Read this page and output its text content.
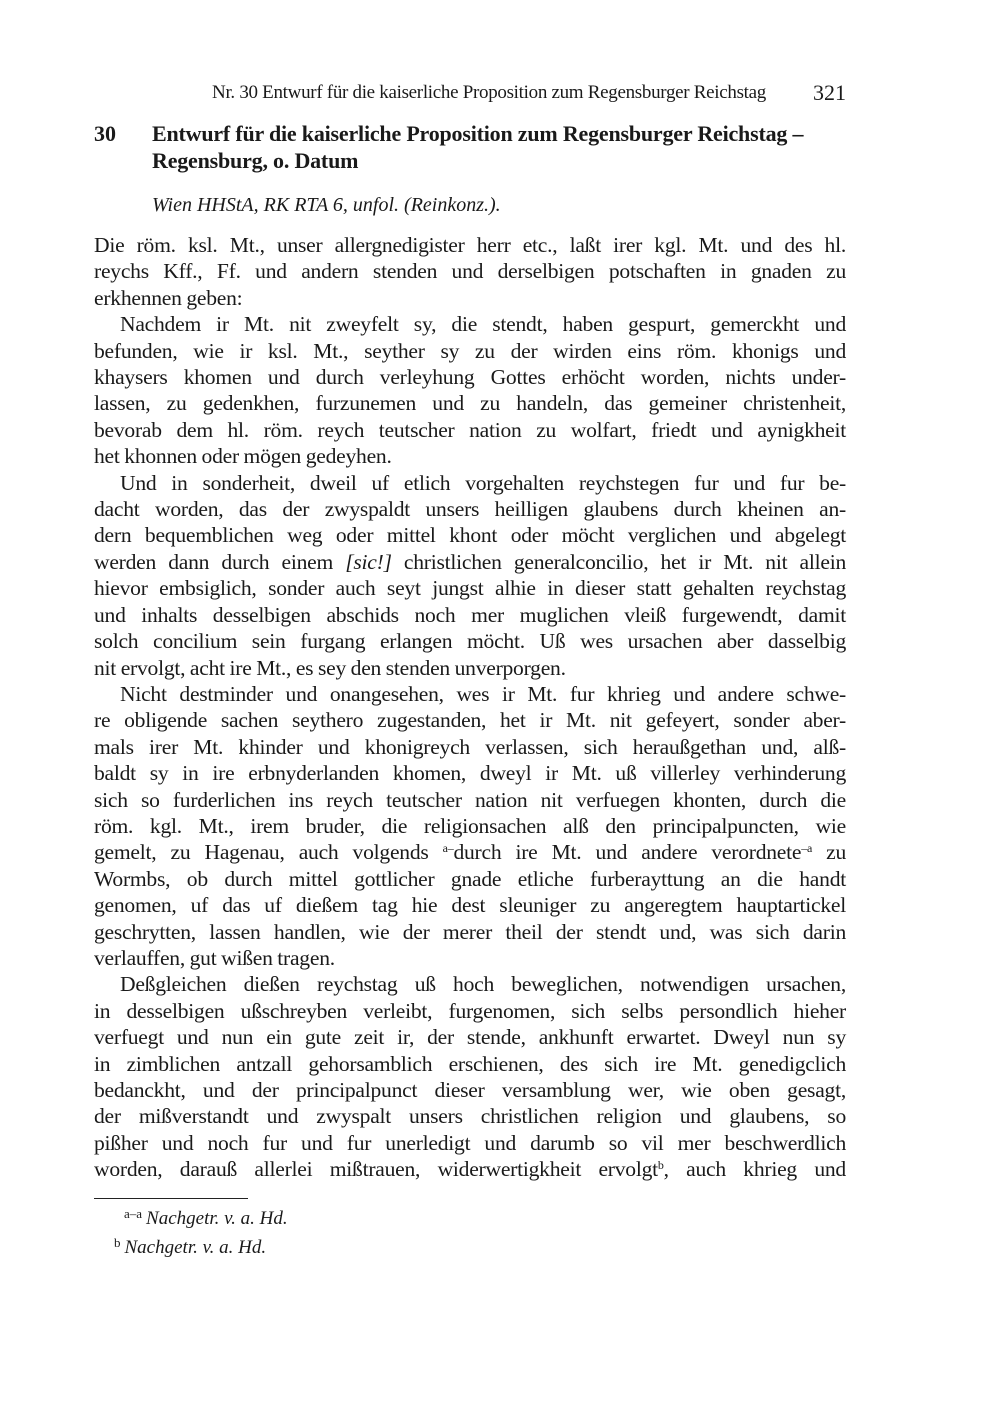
Nr. 30 Entwurf für die kaiserliche Proposition zum Regensburger Reichstag 321
30 Entwurf für die kaiserliche Proposition zum Regensburger Reichstag –
Regensburg, o. Datum
Wien HHStA, RK RTA 6, unfol. (Reinkonz.).

Die röm. ksl. Mt., unser allergnedigister herr etc., laßt irer kgl. Mt. und des hl.
reychs Kff., Ff. und andern stenden und derselbigen potschaften in gnaden zu
erkhennen geben:

Nachdem ir Mt. nit zweyfelt sy, die stendt, haben gespurt, gemerckht und
befunden, wie ir ksl. Mt., seyther sy zu der wirden eins röm. khonigs und
khaysers khomen und durch verleyhung Gottes erhöcht worden, nichts under-
lassen, zu gedenkhen, furzunemen und zu handeln, das gemeiner christenheit,
bevorab dem hl. röm. reych teutscher nation zu wolfart, friedt und aynigkheit
het khonnen oder mögen gedeyhen.

Und in sonderheit, dweil uf etlich vorgehalten reychstegen fur und fur be-
dacht worden, das der zwyspaldt unsers heilligen glaubens durch kheinen an-
dern bequemblichen weg oder mittel khont oder möcht verglichen und abgelegt
werden dann durch einem [sic!] christlichen generalconcilio, het ir Mt. nit allein
hievor embsiglich, sonder auch seyt jungst alhie in dieser statt gehalten reychstag
und inhalts desselbigen abschids noch mer muglichen vleiß furgewendt, damit
solch concilium sein furgang erlangen möcht. Uß wes ursachen aber dasselbig
nit ervolgt, acht ire Mt., es sey den stenden unverporgen.

Nicht destminder und onangesehen, wes ir Mt. fur khrieg und andere schwe-
re obligende sachen seythero zugestanden, het ir Mt. nit gefeyert, sonder aber-
mals irer Mt. khinder und khonigreych verlassen, sich heraußgethan und, alß-
baldt sy in ire erbnyderlanden khomen, dweyl ir Mt. uß villerley verhinderung
sich so furderlichen ins reych teutscher nation nit verfuegen khonten, durch die
röm. kgl. Mt., irem bruder, die religionsachen alß den principalpuncten, wie
gemelt, zu Hagenau, auch volgends $^{a-}$durch ire Mt. und andere verordnete$^{-a}$ zu
Wormbs, ob durch mittel gottlicher gnade etliche furberayttung an die handt
genomen, uf das uf dießem tag hie dest sleuniger zu angeregtem hauptartickel
geschrytten, lassen handlen, wie der merer theil der stendt und, was sich darin
verlauffen, gut wißen tragen.

Deßgleichen dießen reychstag uß hoch beweglichen, notwendigen ursachen,
in desselbigen ußschreyben verleibt, furgenomen, sich selbs persondlich hieher
verfuegt und nun ein gute zeit ir, der stende, ankhunft erwartet. Dweyl nun sy
in zimblichen antzall gehorsamblich erschienen, des sich ire Mt. genedigclich
bedanckht, und der principalpunct dieser versamblung wer, wie oben gesagt,
der mißverstandt und zwyspalt unsers christlichen religion und glaubens, so
pißher und noch fur und fur unerledigt und darumb so vil mer beschwerdlich
worden, darauß allerlei mißtrauen, widerwertigkheit ervolgt$^b$, auch khrieg und

$^{a-a}$ Nachgetr. v. a. Hd.
$^b$ Nachgetr. v. a. Hd.
